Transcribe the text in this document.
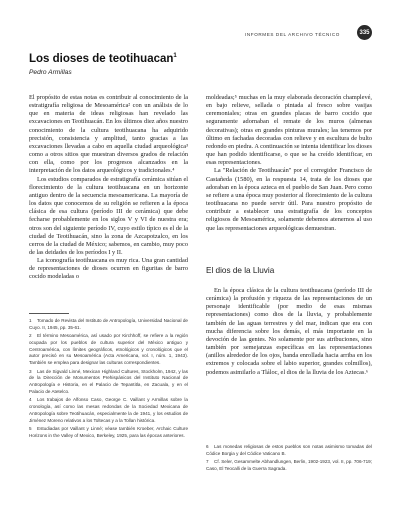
INFORMES DEL ARCHIVO TÉCNICO	335
Los dioses de teotihuacan$^1$
Pedro Armillas

El propósito de estas notas es contribuir al conocimiento de la estratigrafía religiosa de Mesoamérica² con un análisis de lo que en materia de ideas religiosas han revelado las excavaciones en Teotihuacán. En los últimos diez años nuestro conocimiento de la cultura teotihuacana ha adquirido precisión, consistencia y amplitud, tanto gracias a las excavaciones llevadas a cabo en aquella ciudad arqueológica³ como a otros sitios que muestran diversos grados de relación con ella, como por los progresos alcanzados en la interpretación de los datos arqueológicos y tradicionales.⁴

Los estudios comparados de estratigrafía cerámica sitúan el florecimiento de la cultura teotihuacana en un horizonte antiguo dentro de la secuencia mesoamericana. La mayoría de los datos que conocemos de su religión se refieren a la época clásica de esa cultura (período III de cerámica) que debe fecharse probablemente en los siglos V y VI de nuestra era; otros son del siguiente período IV, cuyo estilo típico es el de la ciudad de Teotihuacán, sino la zona de Azcapotzalco, en los cerros de la ciudad de México; sabemos, en cambio, muy poco de las deidades de los períodos I y II.

La iconografía teotihuacana es muy rica. Una gran cantidad de representaciones de dioses ocurren en figuritas de barro cocido modeladas o

moldeadas;⁵ muchas en la muy elaborada decoración champlevé, en bajo relieve, sellada o pintada al fresco sobre vasijas ceremoniales; otras en grandes placas de barro cocido que seguramente adornaban el remate de los muros (almenas decorativas); otras en grandes pinturas murales; las tenemos por último en fachadas decoradas con relieve y en escultura de bulto redondo en piedra. A continuación se intenta identificar los dioses que han podido identificarse, o que se ha creído identificar, en esas representaciones.

La "Relación de Teotihuacán" por el corregidor Francisco de Castañeda (1580), en la respuesta 14, trata de los dioses que adoraban en la época azteca en el pueblo de San Juan. Pero como se refiere a una época muy posterior al florecimiento de la cultura teotihuacana no puede servir útil. Para nuestro propósito de contribuir a establecer una estratigrafía de los conceptos religiosos de Mesoamérica, solamente debemos atenernos al uso que las representaciones arqueológicas demuestran.

El dios de la Lluvia

En la época clásica de la cultura teotihuacana (período III de cerámica) la profusión y riqueza de las representaciones de un personaje identificable (por medio de esas mismas representaciones) como dios de la lluvia, y probablemente también de las aguas terrestres y del mar, indican que era con mucha diferencia sobre los demás, el más importante en la devoción de las gentes. No solamente por sus atribuciones, sino también por semejanzas específicas en las representaciones (anillos alrededor de los ojos, banda enrollada hacia arriba en los extremos y colocada sobre el labio superior, grandes colmillos), podemos asimilarlo a Tláloc, el dios de la lluvia de los Aztecas.⁶

1 Tomado de Revista del Instituto de Antropología, Universidad Nacional de Cuyo. II, 1945, pp. 35-61.

2 El término Mesoamérica, así usado por Kirchhoff, se refiere a la región ocupada por los pueblos de cultura superior del México antiguo y Centroamérica, con límites geográficos, etnológicos y cronológicos que el autor precisó en su Mesoamérica (Acta Americana, vol. I, núm. 1, 1943). También se emplea para designar las culturas correspondientes.

3 Las de Sigvald Linné, Mexican Highland Cultures, Stockholm, 1942, y las de la Dirección de Monumentos Prehispánicos del Instituto Nacional de Antropología e Historia, en el Palacio de Tepantitla, en Zacuala, y en el Palacio de Atetelco.

4 Los trabajos de Alfonso Caso, George C. Vaillant y Armillas sobre la cronología, así como las mesas redondas de la Sociedad Mexicana de Antropología sobre Teotihuacán, especialmente la de 1941, y los estudios de Jiménez Moreno relativos a los Toltecas y a la Tollan histórica.

5 Estudiadas por Vaillant y Linné; véase también Kroeber, Archaic Culture Horizons in the Valley of Mexico, Berkeley, 1925, para las épocas anteriores.

6 Las monedas religiosas de estos pueblos son notas asimismo tomadas del Códice Borgia y del Códice Vaticano B.

7 Cf. Seler, Gesammelte Abhandlungen, Berlin, 1902-1923, vol. II, pp. 706-719; Caso, El Teocalli de la Guerra Sagrada.
